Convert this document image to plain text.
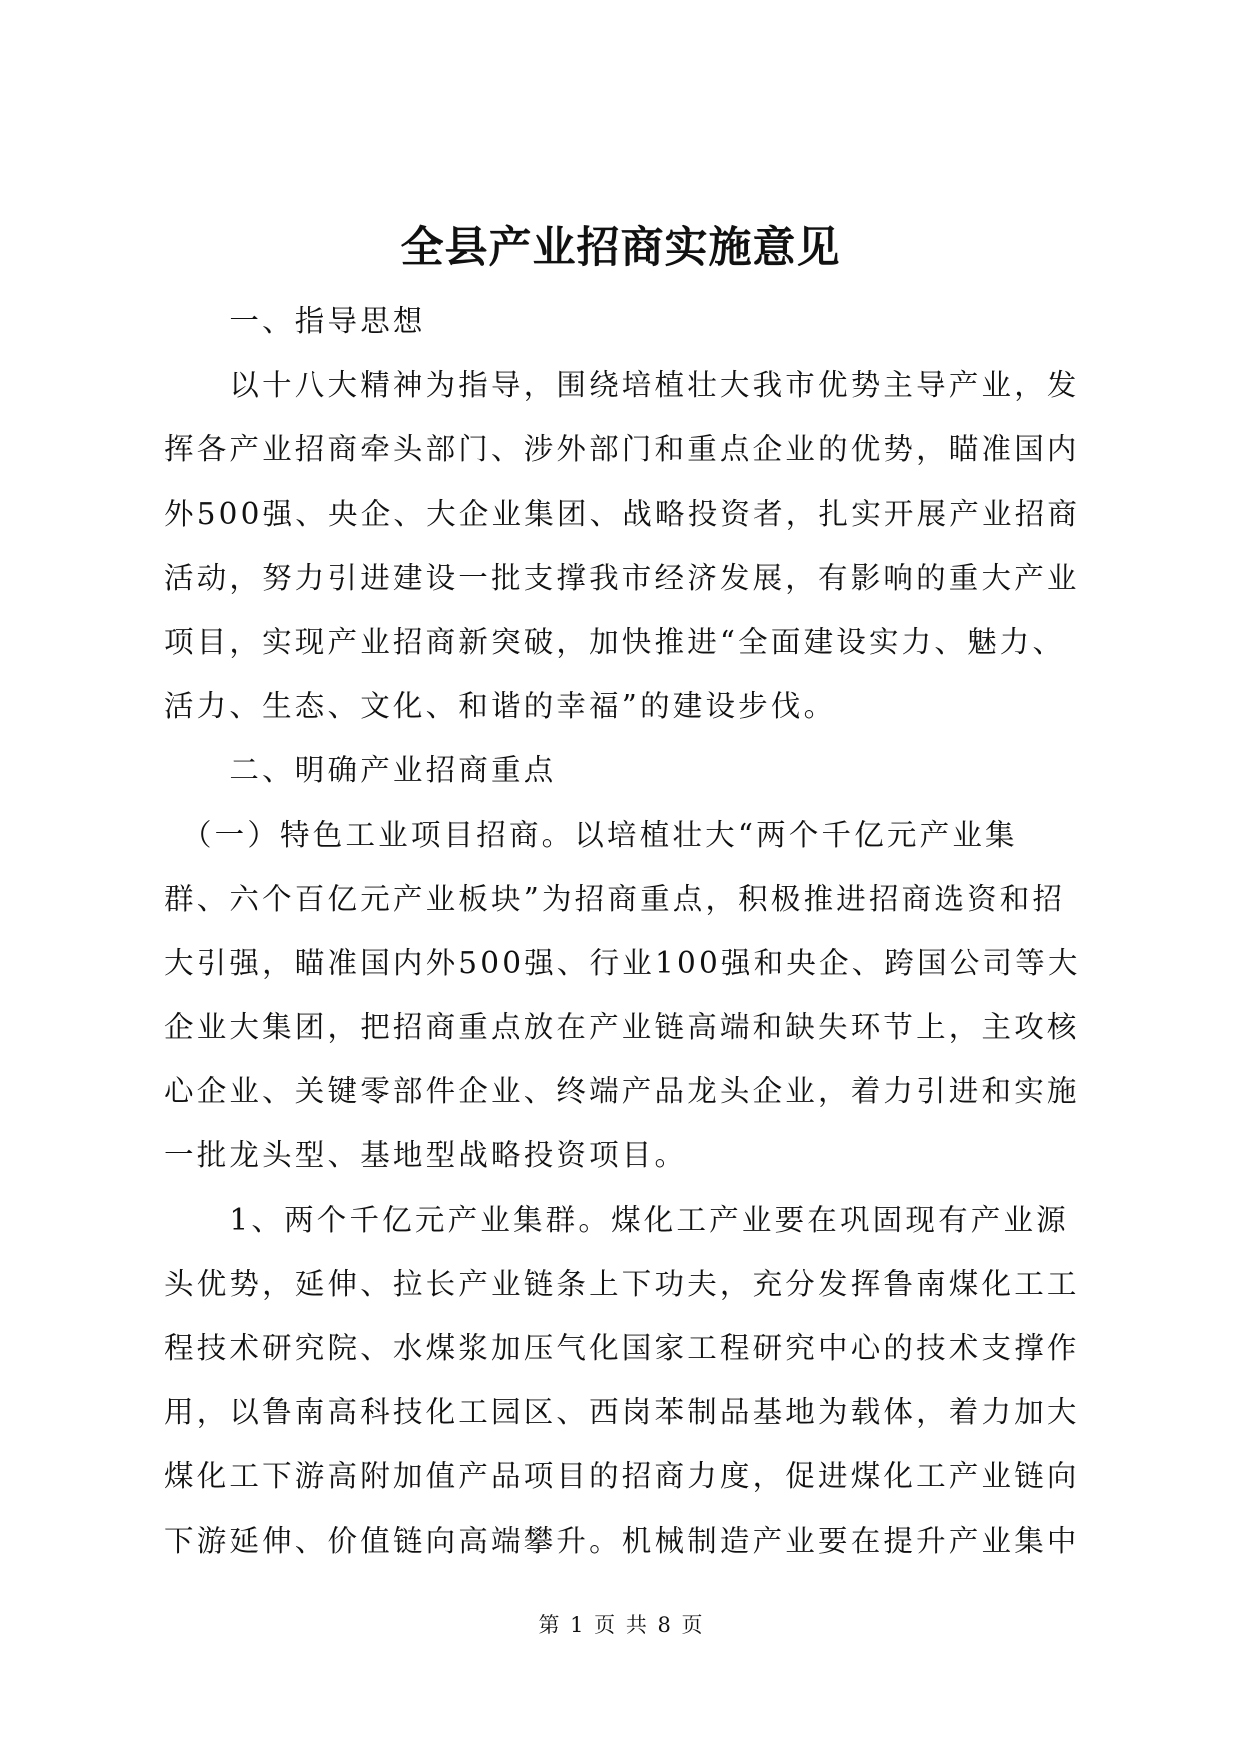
全县产业招商实施意见
　　一、指导思想
　　以十八大精神为指导，围绕培植壮大我市优势主导产业，发
挥各产业招商牵头部门、涉外部门和重点企业的优势，瞄准国内
外500强、央企、大企业集团、战略投资者，扎实开展产业招商
活动，努力引进建设一批支撑我市经济发展，有影响的重大产业
项目，实现产业招商新突破，加快推进“全面建设实力、魅力、
活力、生态、文化、和谐的幸福”的建设步伐。
　　二、明确产业招商重点
　（一）特色工业项目招商。以培植壮大“两个千亿元产业集
群、六个百亿元产业板块”为招商重点，积极推进招商选资和招
大引强，瞄准国内外500强、行业100强和央企、跨国公司等大
企业大集团，把招商重点放在产业链高端和缺失环节上，主攻核
心企业、关键零部件企业、终端产品龙头企业，着力引进和实施
一批龙头型、基地型战略投资项目。
　　1、两个千亿元产业集群。煤化工产业要在巩固现有产业源
头优势，延伸、拉长产业链条上下功夫，充分发挥鲁南煤化工工
程技术研究院、水煤浆加压气化国家工程研究中心的技术支撑作
用，以鲁南高科技化工园区、西岗苯制品基地为载体，着力加大
煤化工下游高附加值产品项目的招商力度，促进煤化工产业链向
下游延伸、价值链向高端攀升。机械制造产业要在提升产业集中
第 1 页 共 8 页
